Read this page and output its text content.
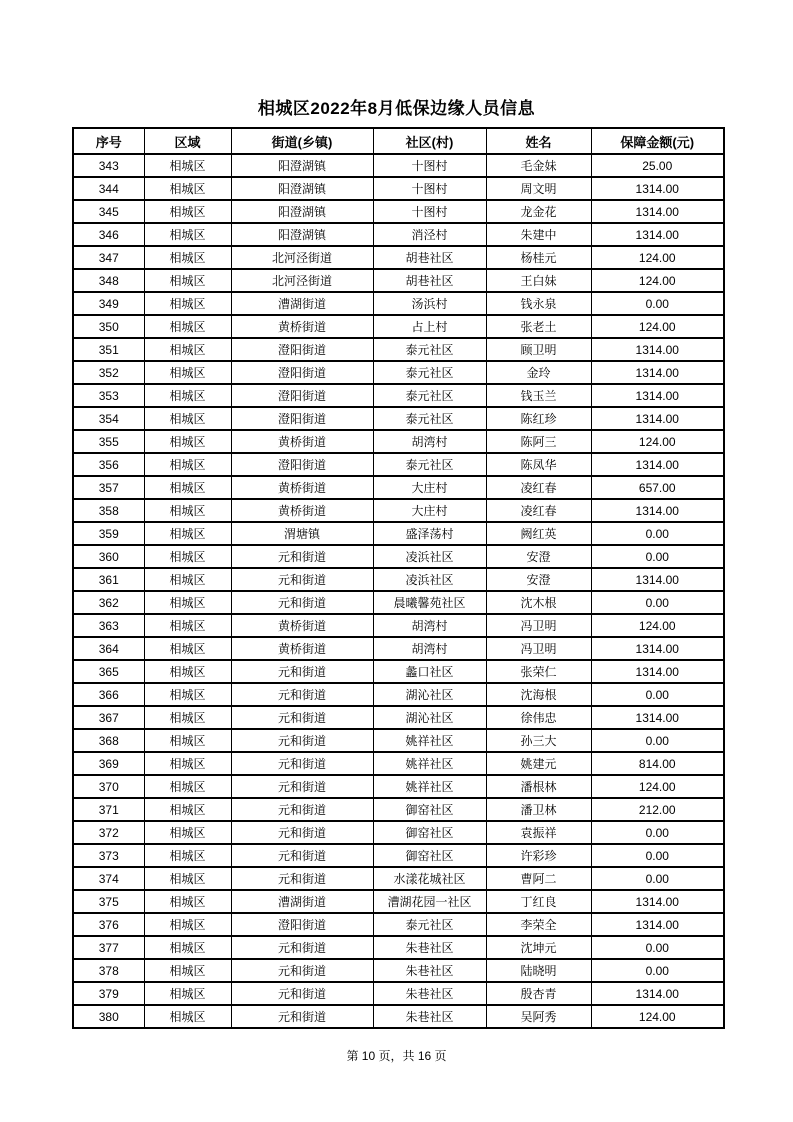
相城区2022年8月低保边缘人员信息
序号	区域	街道(乡镇)	社区(村)	姓名	保障金额(元)
343	相城区	阳澄湖镇	十图村	毛金妹	25.00
344	相城区	阳澄湖镇	十图村	周文明	1314.00
345	相城区	阳澄湖镇	十图村	龙金花	1314.00
346	相城区	阳澄湖镇	消泾村	朱建中	1314.00
347	相城区	北河泾街道	胡巷社区	杨桂元	124.00
348	相城区	北河泾街道	胡巷社区	王白妹	124.00
349	相城区	漕湖街道	汤浜村	钱永泉	0.00
350	相城区	黄桥街道	占上村	张老土	124.00
351	相城区	澄阳街道	泰元社区	顾卫明	1314.00
352	相城区	澄阳街道	泰元社区	金玲	1314.00
353	相城区	澄阳街道	泰元社区	钱玉兰	1314.00
354	相城区	澄阳街道	泰元社区	陈红珍	1314.00
355	相城区	黄桥街道	胡湾村	陈阿三	124.00
356	相城区	澄阳街道	泰元社区	陈凤华	1314.00
357	相城区	黄桥街道	大庄村	凌红春	657.00
358	相城区	黄桥街道	大庄村	凌红春	1314.00
359	相城区	渭塘镇	盛泽荡村	阙红英	0.00
360	相城区	元和街道	凌浜社区	安澄	0.00
361	相城区	元和街道	凌浜社区	安澄	1314.00
362	相城区	元和街道	晨曦馨苑社区	沈木根	0.00
363	相城区	黄桥街道	胡湾村	冯卫明	124.00
364	相城区	黄桥街道	胡湾村	冯卫明	1314.00
365	相城区	元和街道	蠡口社区	张荣仁	1314.00
366	相城区	元和街道	湖沁社区	沈海根	0.00
367	相城区	元和街道	湖沁社区	徐伟忠	1314.00
368	相城区	元和街道	姚祥社区	孙三大	0.00
369	相城区	元和街道	姚祥社区	姚建元	814.00
370	相城区	元和街道	姚祥社区	潘根林	124.00
371	相城区	元和街道	御窑社区	潘卫林	212.00
372	相城区	元和街道	御窑社区	袁振祥	0.00
373	相城区	元和街道	御窑社区	许彩珍	0.00
374	相城区	元和街道	水漾花城社区	曹阿二	0.00
375	相城区	漕湖街道	漕湖花园一社区	丁红良	1314.00
376	相城区	澄阳街道	泰元社区	李荣全	1314.00
377	相城区	元和街道	朱巷社区	沈坤元	0.00
378	相城区	元和街道	朱巷社区	陆晓明	0.00
379	相城区	元和街道	朱巷社区	殷杏青	1314.00
380	相城区	元和街道	朱巷社区	吴阿秀	124.00
第 10 页，共 16 页
